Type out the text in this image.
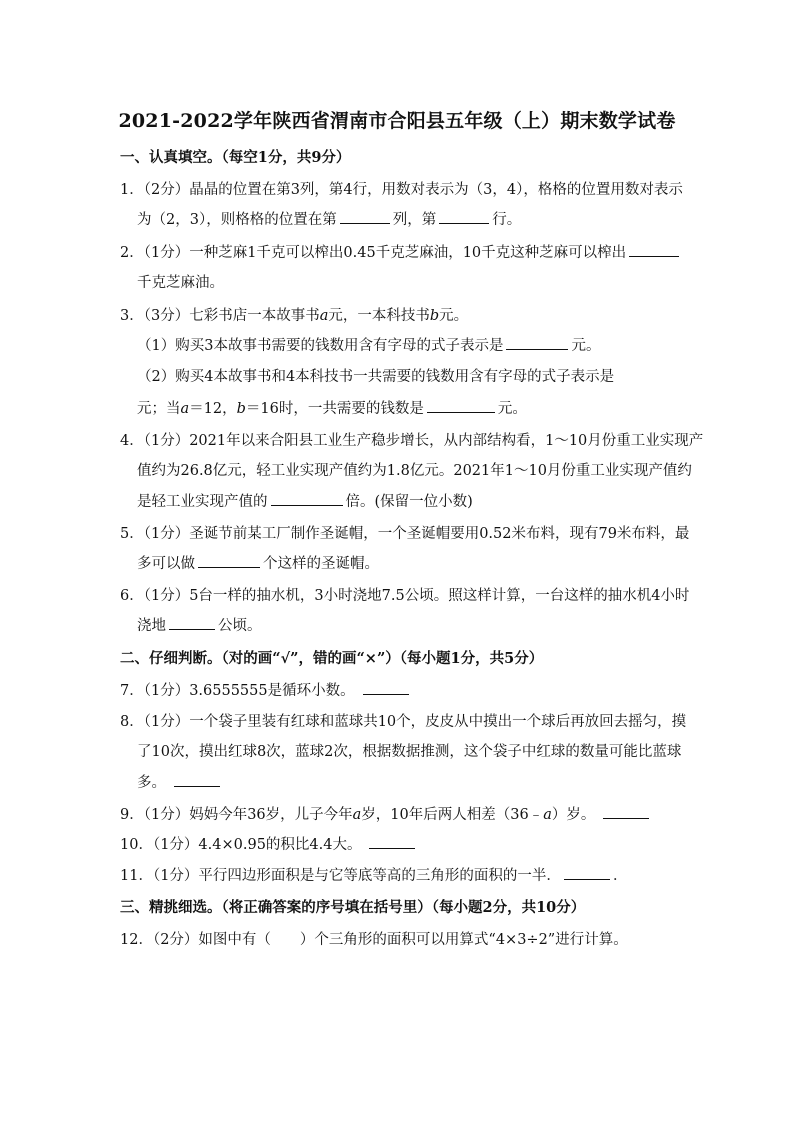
2021-2022学年陕西省渭南市合阳县五年级（上）期末数学试卷
一、认真填空。（每空1分，共9分）
1．（2分）晶晶的位置在第3列，第4行，用数对表示为（3，4），格格的位置用数对表示
为（2，3），则格格的位置在第	列，第	行。
2．（1分）一种芝麻1千克可以榨出0.45千克芝麻油，10千克这种芝麻可以榨出
千克芝麻油。
3．（3分）七彩书店一本故事书a元，一本科技书b元。
（1）购买3本故事书需要的钱数用含有字母的式子表示是	元。
（2）购买4本故事书和4本科技书一共需要的钱数用含有字母的式子表示是
元；当a＝12，b＝16时，一共需要的钱数是	元。
4．（1分）2021年以来合阳县工业生产稳步增长，从内部结构看，1～10月份重工业实现产
值约为26.8亿元，轻工业实现产值约为1.8亿元。2021年1～10月份重工业实现产值约
是轻工业实现产值的	倍。(保留一位小数)
5．（1分）圣诞节前某工厂制作圣诞帽，一个圣诞帽要用0.52米布料，现有79米布料，最
多可以做	个这样的圣诞帽。
6．（1分）5台一样的抽水机，3小时浇地7.5公顷。照这样计算，一台这样的抽水机4小时
浇地	公顷。
二、仔细判断。（对的画“√”，错的画“×”）（每小题1分，共5分）
7．（1分）3.6555555是循环小数。
8．（1分）一个袋子里装有红球和蓝球共10个，皮皮从中摸出一个球后再放回去摇匀，摸
了10次，摸出红球8次，蓝球2次，根据数据推测，这个袋子中红球的数量可能比蓝球
多。
9．（1分）妈妈今年36岁，儿子今年a岁，10年后两人相差（36﹣a）岁。
10．（1分）4.4×0.95的积比4.4大。
11．（1分）平行四边形面积是与它等底等高的三角形的面积的一半．	．
三、精挑细选。（将正确答案的序号填在括号里）（每小题2分，共10分）
12．（2分）如图中有（　　）个三角形的面积可以用算式“4×3÷2”进行计算。
